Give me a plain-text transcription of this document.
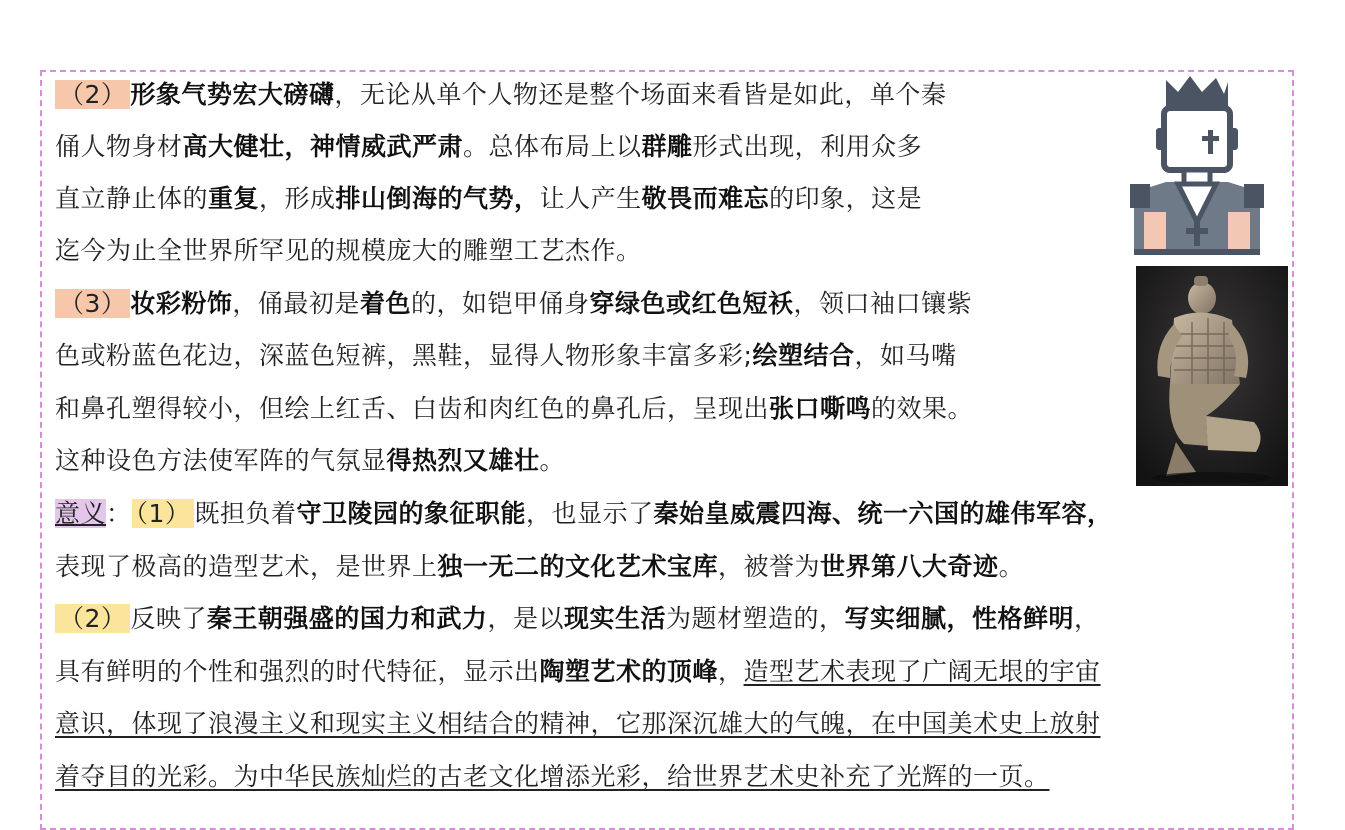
（2） 形象气势宏大磅礴，无论从单个人物还是整个场面来看皆是如此，单个秦
俑人物身材高大健壮，神情威武严肃。总体布局上以群雕形式出现，利用众多
直立静止体的重复，形成排山倒海的气势，让人产生敬畏而难忘的印象，这是
迄今为止全世界所罕见的规模庞大的雕塑工艺杰作。
（3） 妆彩粉饰，俑最初是着色的，如铠甲俑身穿绿色或红色短袄，领口袖口镶紫
色或粉蓝色花边，深蓝色短裤，黑鞋，显得人物形象丰富多彩;绘塑结合，如马嘴
和鼻孔塑得较小，但绘上红舌、白齿和肉红色的鼻孔后，呈现出张口嘶鸣的效果。
这种设色方法使军阵的气氛显得热烈又雄壮。
意义： （1） 既担负着守卫陵园的象征职能，也显示了秦始皇威震四海、统一六国的雄伟军容，
表现了极高的造型艺术，是世界上独一无二的文化艺术宝库，被誉为世界第八大奇迹。
（2） 反映了秦王朝强盛的国力和武力，是以现实生活为题材塑造的，写实细腻，性格鲜明，
具有鲜明的个性和强烈的时代特征，显示出陶塑艺术的顶峰，造型艺术表现了广阔无垠的宇宙
意识，体现了浪漫主义和现实主义相结合的精神，它那深沉雄大的气魄，在中国美术史上放射
着夺目的光彩。为中华民族灿烂的古老文化增添光彩，给世界艺术史补充了光辉的一页。
